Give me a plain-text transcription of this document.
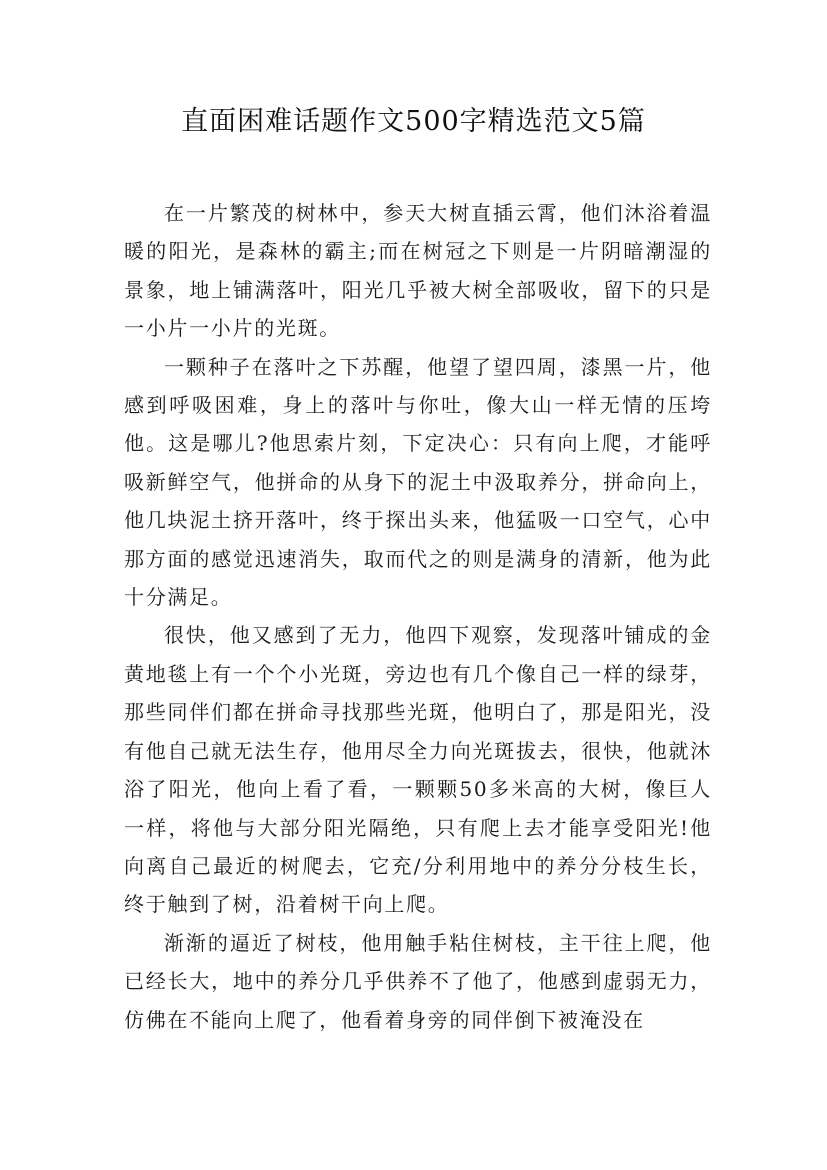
直面困难话题作文500字精选范文5篇

在一片繁茂的树林中，参天大树直插云霄，他们沐浴着温暖的阳光，是森林的霸主;而在树冠之下则是一片阴暗潮湿的景象，地上铺满落叶，阳光几乎被大树全部吸收，留下的只是一小片一小片的光斑。

一颗种子在落叶之下苏醒，他望了望四周，漆黑一片，他感到呼吸困难，身上的落叶与你吐，像大山一样无情的压垮他。这是哪儿?他思索片刻，下定决心：只有向上爬，才能呼吸新鲜空气，他拼命的从身下的泥土中汲取养分，拼命向上，他几块泥土挤开落叶，终于探出头来，他猛吸一口空气，心中那方面的感觉迅速消失，取而代之的则是满身的清新，他为此十分满足。

很快，他又感到了无力，他四下观察，发现落叶铺成的金黄地毯上有一个个小光斑，旁边也有几个像自己一样的绿芽，那些同伴们都在拼命寻找那些光斑，他明白了，那是阳光，没有他自己就无法生存，他用尽全力向光斑拔去，很快，他就沐浴了阳光，他向上看了看，一颗颗50多米高的大树，像巨人一样，将他与大部分阳光隔绝，只有爬上去才能享受阳光!他向离自己最近的树爬去，它充/分利用地中的养分分枝生长，终于触到了树，沿着树干向上爬。

渐渐的逼近了树枝，他用触手粘住树枝，主干往上爬，他已经长大，地中的养分几乎供养不了他了，他感到虚弱无力，仿佛在不能向上爬了，他看着身旁的同伴倒下被淹没在
